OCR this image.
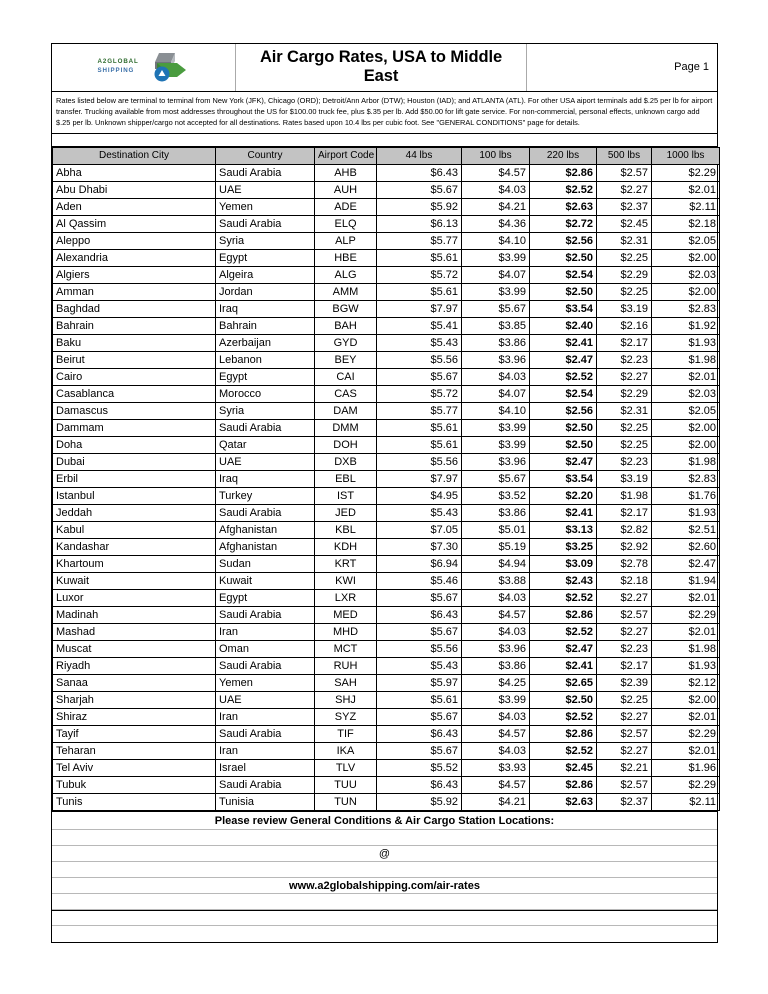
A2GLOBAL
SHIPPING
Air Cargo Rates, USA to Middle East	Page 1
Rates listed below are terminal to terminal from New York (JFK), Chicago (ORD); Detroit/Ann Arbor (DTW); Houston (IAD); and ATLANTA (ATL). For other USA aiport terminals add $.25 per lb for airport transfer. Trucking available from most addresses throughout the US for $100.00 truck fee, plus $.35 per lb. Add $50.00 for lift gate service. For non-commercial, personal effects, unknown cargo add $.25 per lb. Unknown shipper/cargo not accepted for all destinations. Rates based upon 10.4 lbs per cubic foot. See "GENERAL CONDITIONS" page for details.
Destination City	Country	Airport Code	44 lbs	100 lbs	220 lbs	500 lbs	1000 lbs
Abha	Saudi Arabia	AHB	$6.43	$4.57	$2.86	$2.57	$2.29
Abu Dhabi	UAE	AUH	$5.67	$4.03	$2.52	$2.27	$2.01
Aden	Yemen	ADE	$5.92	$4.21	$2.63	$2.37	$2.11
Al Qassim	Saudi Arabia	ELQ	$6.13	$4.36	$2.72	$2.45	$2.18
Aleppo	Syria	ALP	$5.77	$4.10	$2.56	$2.31	$2.05
Alexandria	Egypt	HBE	$5.61	$3.99	$2.50	$2.25	$2.00
Algiers	Algeira	ALG	$5.72	$4.07	$2.54	$2.29	$2.03
Amman	Jordan	AMM	$5.61	$3.99	$2.50	$2.25	$2.00
Baghdad	Iraq	BGW	$7.97	$5.67	$3.54	$3.19	$2.83
Bahrain	Bahrain	BAH	$5.41	$3.85	$2.40	$2.16	$1.92
Baku	Azerbaijan	GYD	$5.43	$3.86	$2.41	$2.17	$1.93
Beirut	Lebanon	BEY	$5.56	$3.96	$2.47	$2.23	$1.98
Cairo	Egypt	CAI	$5.67	$4.03	$2.52	$2.27	$2.01
Casablanca	Morocco	CAS	$5.72	$4.07	$2.54	$2.29	$2.03
Damascus	Syria	DAM	$5.77	$4.10	$2.56	$2.31	$2.05
Dammam	Saudi Arabia	DMM	$5.61	$3.99	$2.50	$2.25	$2.00
Doha	Qatar	DOH	$5.61	$3.99	$2.50	$2.25	$2.00
Dubai	UAE	DXB	$5.56	$3.96	$2.47	$2.23	$1.98
Erbil	Iraq	EBL	$7.97	$5.67	$3.54	$3.19	$2.83
Istanbul	Turkey	IST	$4.95	$3.52	$2.20	$1.98	$1.76
Jeddah	Saudi Arabia	JED	$5.43	$3.86	$2.41	$2.17	$1.93
Kabul	Afghanistan	KBL	$7.05	$5.01	$3.13	$2.82	$2.51
Kandashar	Afghanistan	KDH	$7.30	$5.19	$3.25	$2.92	$2.60
Khartoum	Sudan	KRT	$6.94	$4.94	$3.09	$2.78	$2.47
Kuwait	Kuwait	KWI	$5.46	$3.88	$2.43	$2.18	$1.94
Luxor	Egypt	LXR	$5.67	$4.03	$2.52	$2.27	$2.01
Madinah	Saudi Arabia	MED	$6.43	$4.57	$2.86	$2.57	$2.29
Mashad	Iran	MHD	$5.67	$4.03	$2.52	$2.27	$2.01
Muscat	Oman	MCT	$5.56	$3.96	$2.47	$2.23	$1.98
Riyadh	Saudi Arabia	RUH	$5.43	$3.86	$2.41	$2.17	$1.93
Sanaa	Yemen	SAH	$5.97	$4.25	$2.65	$2.39	$2.12
Sharjah	UAE	SHJ	$5.61	$3.99	$2.50	$2.25	$2.00
Shiraz	Iran	SYZ	$5.67	$4.03	$2.52	$2.27	$2.01
Tayif	Saudi Arabia	TIF	$6.43	$4.57	$2.86	$2.57	$2.29
Teharan	Iran	IKA	$5.67	$4.03	$2.52	$2.27	$2.01
Tel Aviv	Israel	TLV	$5.52	$3.93	$2.45	$2.21	$1.96
Tubuk	Saudi Arabia	TUU	$6.43	$4.57	$2.86	$2.57	$2.29
Tunis	Tunisia	TUN	$5.92	$4.21	$2.63	$2.37	$2.11
Please review General Conditions & Air Cargo Station Locations:
@
www.a2globalshipping.com/air-rates
